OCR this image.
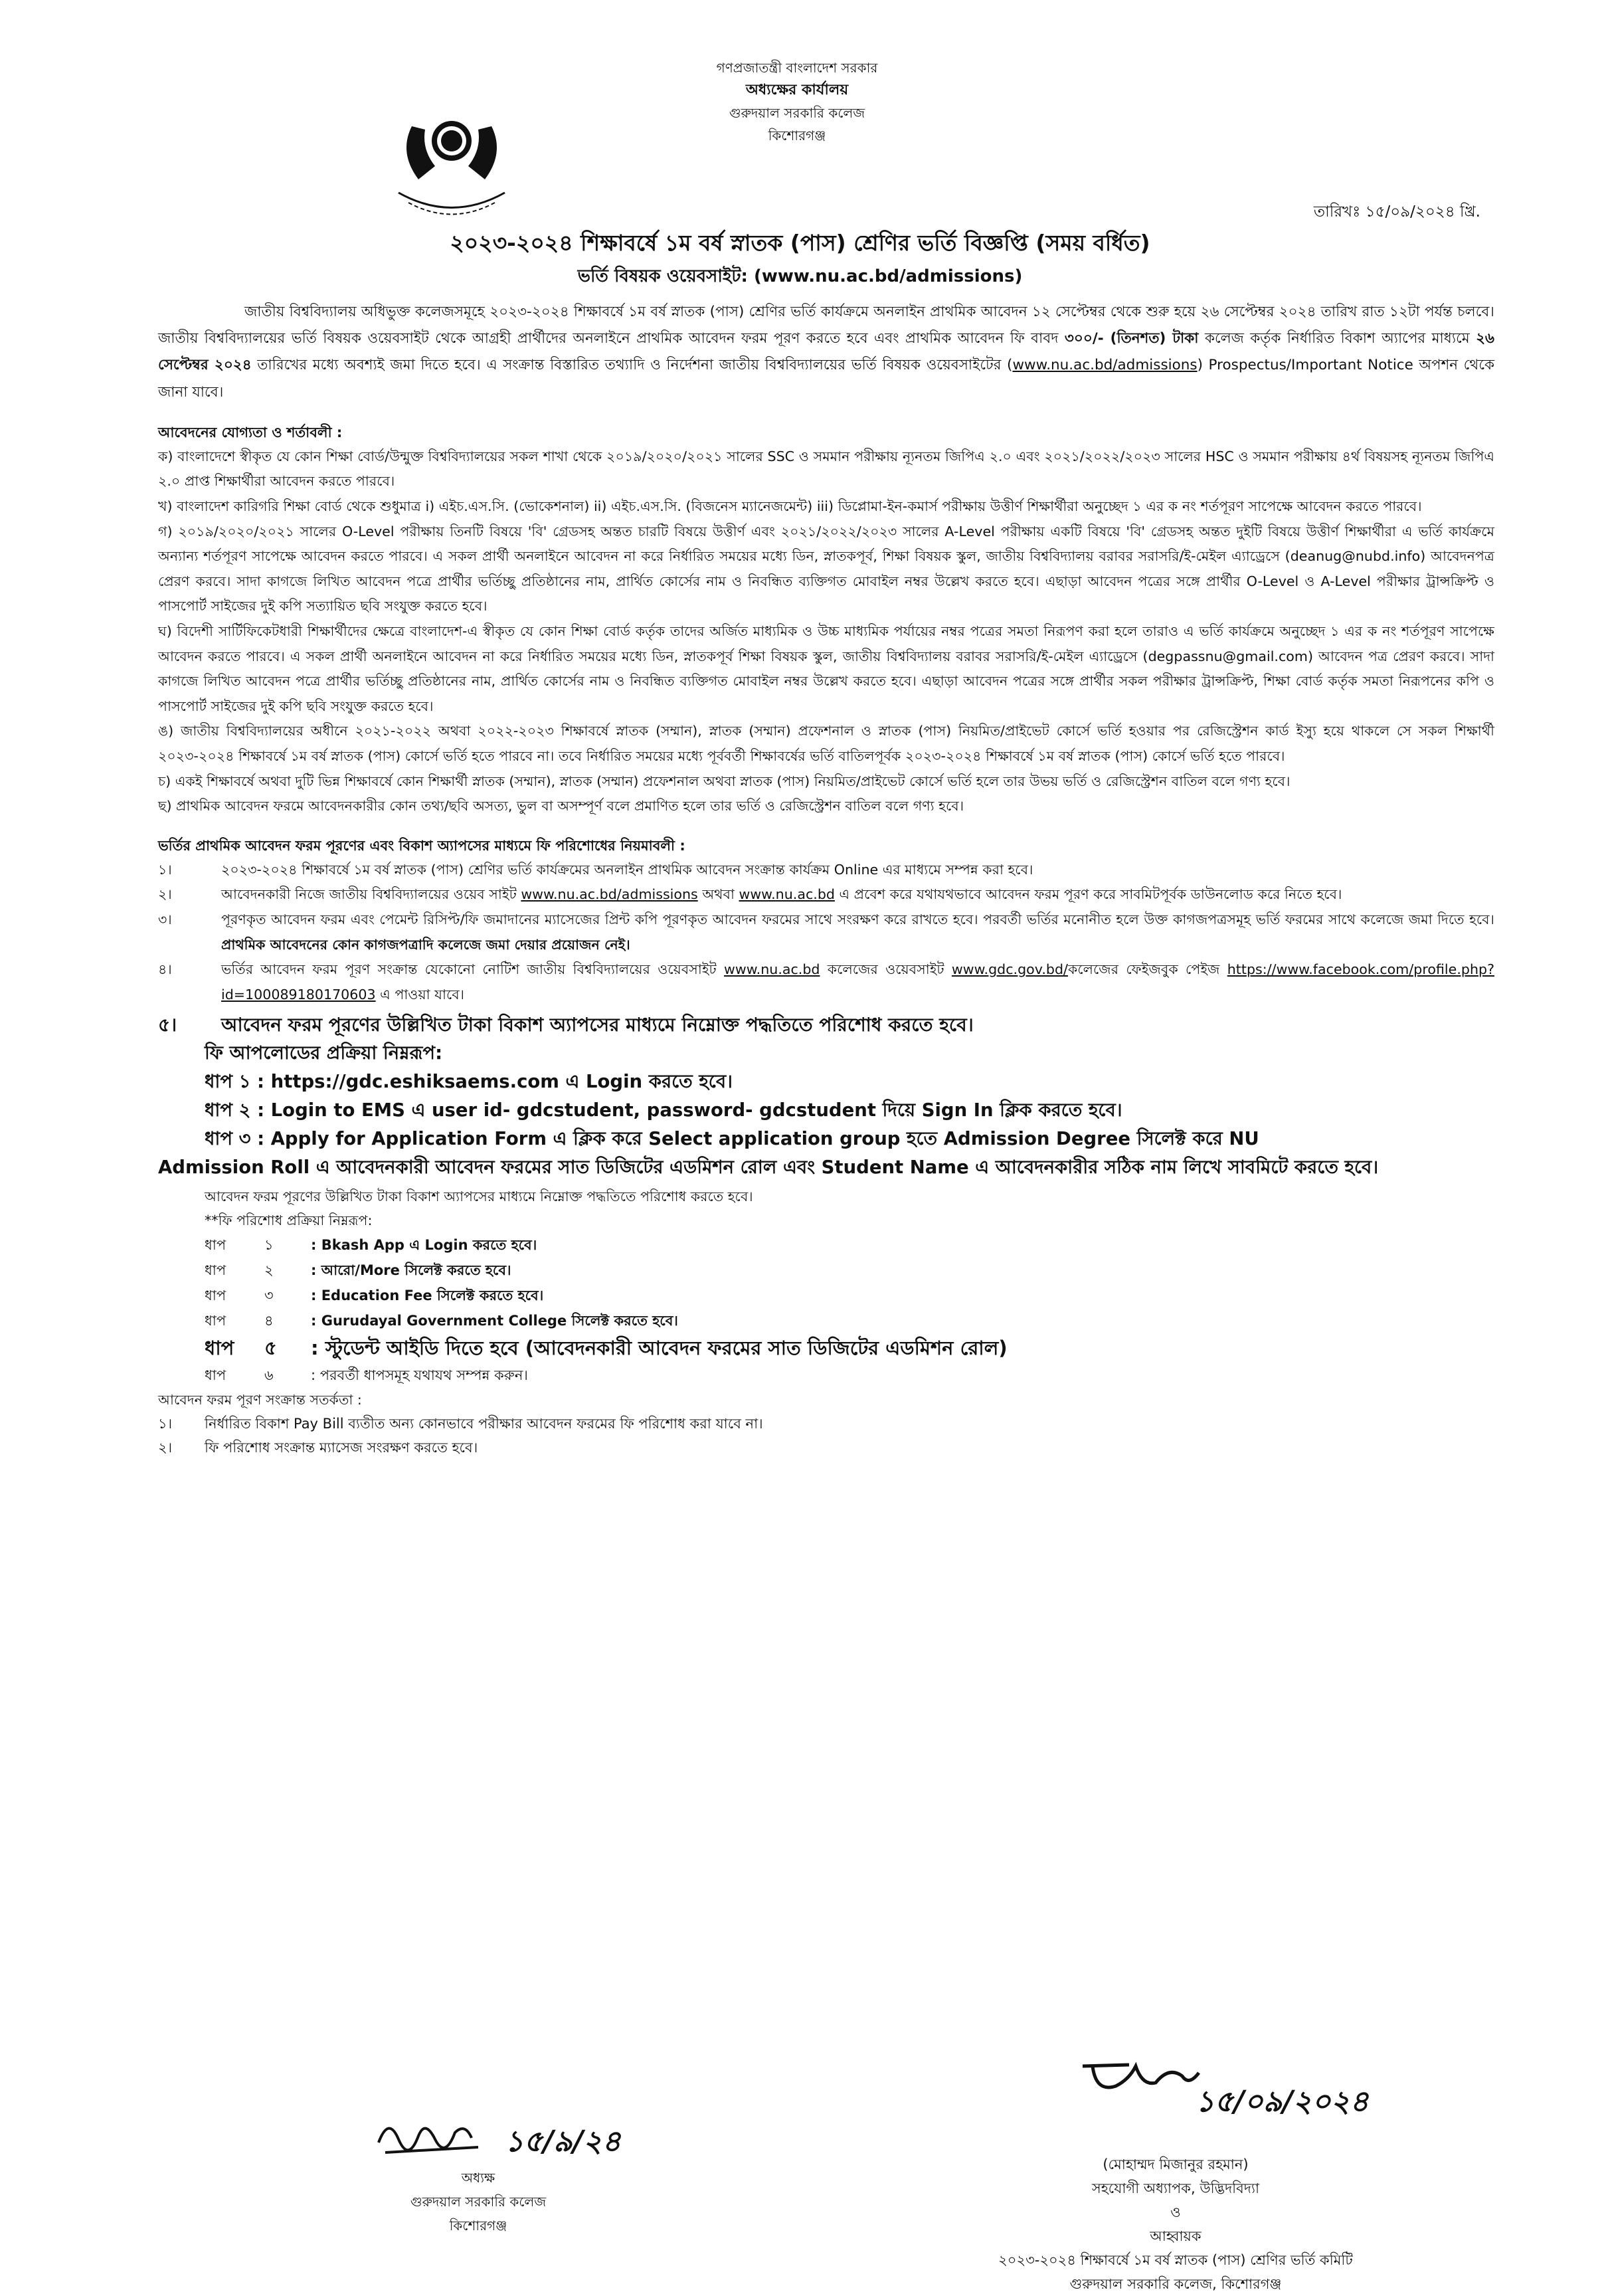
গণপ্রজাতন্ত্রী বাংলাদেশ সরকার
অধ্যক্ষের কার্যালয়
গুরুদয়াল সরকারি কলেজ
কিশোরগঞ্জ
তারিখঃ ১৫/০৯/২০২৪ খ্রি.
২০২৩-২০২৪ শিক্ষাবর্ষে ১ম বর্ষ স্নাতক (পাস) শ্রেণির ভর্তি বিজ্ঞপ্তি (সময় বর্ধিত)
ভর্তি বিষয়ক ওয়েবসাইট: (www.nu.ac.bd/admissions)

জাতীয় বিশ্ববিদ্যালয় অধিভুক্ত কলেজসমূহে ২০২৩-২০২৪ শিক্ষাবর্ষে ১ম বর্ষ স্নাতক (পাস) শ্রেণির ভর্তি কার্যক্রমে অনলাইন প্রাথমিক আবেদন ১২ সেপ্টেম্বর থেকে শুরু হয়ে ২৬ সেপ্টেম্বর ২০২৪ তারিখ রাত ১২টা পর্যন্ত চলবে। জাতীয় বিশ্ববিদ্যালয়ের ভর্তি বিষয়ক ওয়েবসাইট থেকে আগ্রহী প্রার্থীদের অনলাইনে প্রাথমিক আবেদন ফরম পূরণ করতে হবে এবং প্রাথমিক আবেদন ফি বাবদ ৩০০/- (তিনশত) টাকা কলেজ কর্তৃক নির্ধারিত বিকাশ অ্যাপের মাধ্যমে ২৬ সেপ্টেম্বর ২০২৪ তারিখের মধ্যে অবশ্যই জমা দিতে হবে। এ সংক্রান্ত বিস্তারিত তথ্যাদি ও নির্দেশনা জাতীয় বিশ্ববিদ্যালয়ের ভর্তি বিষয়ক ওয়েবসাইটের (www.nu.ac.bd/admissions) Prospectus/Important Notice অপশন থেকে জানা যাবে।

আবেদনের যোগ্যতা ও শর্তাবলী :

ক) বাংলাদেশে স্বীকৃত যে কোন শিক্ষা বোর্ড/উন্মুক্ত বিশ্ববিদ্যালয়ের সকল শাখা থেকে ২০১৯/২০২০/২০২১ সালের SSC ও সমমান পরীক্ষায় ন্যূনতম জিপিএ ২.০ এবং ২০২১/২০২২/২০২৩ সালের HSC ও সমমান পরীক্ষায় ৪র্থ বিষয়সহ ন্যূনতম জিপিএ ২.০ প্রাপ্ত শিক্ষার্থীরা আবেদন করতে পারবে।

খ) বাংলাদেশ কারিগরি শিক্ষা বোর্ড থেকে শুধুমাত্র i) এইচ.এস.সি. (ভোকেশনাল) ii) এইচ.এস.সি. (বিজনেস ম্যানেজমেন্ট) iii) ডিপ্লোমা-ইন-কমার্স পরীক্ষায় উত্তীর্ণ শিক্ষার্থীরা অনুচ্ছেদ ১ এর ক নং শর্তপূরণ সাপেক্ষে আবেদন করতে পারবে।

গ) ২০১৯/২০২০/২০২১ সালের O-Level পরীক্ষায় তিনটি বিষয়ে 'বি' গ্রেডসহ অন্তত চারটি বিষয়ে উত্তীর্ণ এবং ২০২১/২০২২/২০২৩ সালের A-Level পরীক্ষায় একটি বিষয়ে 'বি' গ্রেডসহ অন্তত দুইটি বিষয়ে উত্তীর্ণ শিক্ষার্থীরা এ ভর্তি কার্যক্রমে অন্যান্য শর্তপূরণ সাপেক্ষে আবেদন করতে পারবে। এ সকল প্রার্থী অনলাইনে আবেদন না করে নির্ধারিত সময়ের মধ্যে ডিন, স্নাতকপূর্ব, শিক্ষা বিষয়ক স্কুল, জাতীয় বিশ্ববিদ্যালয় বরাবর সরাসরি/ই-মেইল এ্যাড্রেসে (deanug@nubd.info) আবেদনপত্র প্রেরণ করবে। সাদা কাগজে লিখিত আবেদন পত্রে প্রার্থীর ভর্তিচ্ছু প্রতিষ্ঠানের নাম, প্রার্থিত কোর্সের নাম ও নিবন্ধিত ব্যক্তিগত মোবাইল নম্বর উল্লেখ করতে হবে। এছাড়া আবেদন পত্রের সঙ্গে প্রার্থীর O-Level ও A-Level পরীক্ষার ট্রান্সক্রিপ্ট ও পাসপোর্ট সাইজের দুই কপি সত্যায়িত ছবি সংযুক্ত করতে হবে।

ঘ) বিদেশী সার্টিফিকেটধারী শিক্ষার্থীদের ক্ষেত্রে বাংলাদেশ-এ স্বীকৃত যে কোন শিক্ষা বোর্ড কর্তৃক তাদের অর্জিত মাধ্যমিক ও উচ্চ মাধ্যমিক পর্যায়ের নম্বর পত্রের সমতা নিরূপণ করা হলে তারাও এ ভর্তি কার্যক্রমে অনুচ্ছেদ ১ এর ক নং শর্তপূরণ সাপেক্ষে আবেদন করতে পারবে। এ সকল প্রার্থী অনলাইনে আবেদন না করে নির্ধারিত সময়ের মধ্যে ডিন, স্নাতকপূর্ব শিক্ষা বিষয়ক স্কুল, জাতীয় বিশ্ববিদ্যালয় বরাবর সরাসরি/ই-মেইল এ্যাড্রেসে (degpassnu@gmail.com) আবেদন পত্র প্রেরণ করবে। সাদা কাগজে লিখিত আবেদন পত্রে প্রার্থীর ভর্তিচ্ছু প্রতিষ্ঠানের নাম, প্রার্থিত কোর্সের নাম ও নিবন্ধিত ব্যক্তিগত মোবাইল নম্বর উল্লেখ করতে হবে। এছাড়া আবেদন পত্রের সঙ্গে প্রার্থীর সকল পরীক্ষার ট্রান্সক্রিপ্ট, শিক্ষা বোর্ড কর্তৃক সমতা নিরূপনের কপি ও পাসপোর্ট সাইজের দুই কপি ছবি সংযুক্ত করতে হবে।

ঙ) জাতীয় বিশ্ববিদ্যালয়ের অধীনে ২০২১-২০২২ অথবা ২০২২-২০২৩ শিক্ষাবর্ষে স্নাতক (সম্মান), স্নাতক (সম্মান) প্রফেশনাল ও স্নাতক (পাস) নিয়মিত/প্রাইভেট কোর্সে ভর্তি হওয়ার পর রেজিস্ট্রেশন কার্ড ইস্যু হয়ে থাকলে সে সকল শিক্ষার্থী ২০২৩-২০২৪ শিক্ষাবর্ষে ১ম বর্ষ স্নাতক (পাস) কোর্সে ভর্তি হতে পারবে না। তবে নির্ধারিত সময়ের মধ্যে পূর্ববর্তী শিক্ষাবর্ষের ভর্তি বাতিলপূর্বক ২০২৩-২০২৪ শিক্ষাবর্ষে ১ম বর্ষ স্নাতক (পাস) কোর্সে ভর্তি হতে পারবে।

চ) একই শিক্ষাবর্ষে অথবা দুটি ভিন্ন শিক্ষাবর্ষে কোন শিক্ষার্থী স্নাতক (সম্মান), স্নাতক (সম্মান) প্রফেশনাল অথবা স্নাতক (পাস) নিয়মিত/প্রাইভেট কোর্সে ভর্তি হলে তার উভয় ভর্তি ও রেজিস্ট্রেশন বাতিল বলে গণ্য হবে।

ছ) প্রাথমিক আবেদন ফরমে আবেদনকারীর কোন তথ্য/ছবি অসত্য, ভুল বা অসম্পূর্ণ বলে প্রমাণিত হলে তার ভর্তি ও রেজিস্ট্রেশন বাতিল বলে গণ্য হবে।

ভর্তির প্রাথমিক আবেদন ফরম পূরণের এবং বিকাশ অ্যাপসের মাধ্যমে ফি পরিশোধের নিয়মাবলী :
১।	২০২৩-২০২৪ শিক্ষাবর্ষে ১ম বর্ষ স্নাতক (পাস) শ্রেণির ভর্তি কার্যক্রমের অনলাইন প্রাথমিক আবেদন সংক্রান্ত কার্যক্রম Online এর মাধ্যমে সম্পন্ন করা হবে।
২।	আবেদনকারী নিজে জাতীয় বিশ্ববিদ্যালয়ের ওয়েব সাইট www.nu.ac.bd/admissions অথবা www.nu.ac.bd এ প্রবেশ করে যথাযথভাবে আবেদন ফরম পূরণ করে সাবমিটপূর্বক ডাউনলোড করে নিতে হবে।
৩।	পূরণকৃত আবেদন ফরম এবং পেমেন্ট রিসিপ্ট/ফি জমাদানের ম্যাসেজের প্রিন্ট কপি পূরণকৃত আবেদন ফরমের সাথে সংরক্ষণ করে রাখতে হবে। পরবর্তী ভর্তির মনোনীত হলে উক্ত কাগজপত্রসমূহ ভর্তি ফরমের সাথে কলেজে জমা দিতে হবে। প্রাথমিক আবেদনের কোন কাগজপত্রাদি কলেজে জমা দেয়ার প্রয়োজন নেই।
৪।	ভর্তির আবেদন ফরম পূরণ সংক্রান্ত যেকোনো নোটিশ জাতীয় বিশ্ববিদ্যালয়ের ওয়েবসাইট www.nu.ac.bd কলেজের ওয়েবসাইট www.gdc.gov.bd/কলেজের ফেইজবুক পেইজ https://www.facebook.com/profile.php?id=100089180170603 এ পাওয়া যাবে।
৫।	আবেদন ফরম পূরণের উল্লিখিত টাকা বিকাশ অ্যাপসের মাধ্যমে নিম্নোক্ত পদ্ধতিতে পরিশোধ করতে হবে।
ফি আপলোডের প্রক্রিয়া নিম্নরূপ:
ধাপ ১ : https://gdc.eshiksaems.com এ Login করতে হবে।
ধাপ ২ : Login to EMS এ user id- gdcstudent, password- gdcstudent দিয়ে Sign In ক্লিক করতে হবে।
ধাপ ৩ : Apply for Application Form এ ক্লিক করে Select application group হতে Admission Degree সিলেক্ট করে NU
Admission Roll এ আবেদনকারী আবেদন ফরমের সাত ডিজিটের এডমিশন রোল এবং Student Name এ আবেদনকারীর সঠিক নাম লিখে সাবমিটে করতে হবে।
আবেদন ফরম পূরণের উল্লিখিত টাকা বিকাশ অ্যাপসের মাধ্যমে নিম্নোক্ত পদ্ধতিতে পরিশোধ করতে হবে।
**ফি পরিশোধ প্রক্রিয়া নিম্নরূপ:
ধাপ	১	: Bkash App এ Login করতে হবে।
ধাপ	২	: আরো/More সিলেক্ট করতে হবে।
ধাপ	৩	: Education Fee সিলেক্ট করতে হবে।
ধাপ	৪	: Gurudayal Government College সিলেক্ট করতে হবে।
ধাপ	৫	: স্টুডেন্ট আইডি দিতে হবে (আবেদনকারী আবেদন ফরমের সাত ডিজিটের এডমিশন রোল)
ধাপ	৬	: পরবর্তী ধাপসমূহ যথাযথ সম্পন্ন করুন।
আবেদন ফরম পূরণ সংক্রান্ত সতর্কতা :
১।	নির্ধারিত বিকাশ Pay Bill ব্যতীত অন্য কোনভাবে পরীক্ষার আবেদন ফরমের ফি পরিশোধ করা যাবে না।
২।	ফি পরিশোধ সংক্রান্ত ম্যাসেজ সংরক্ষণ করতে হবে।
১৫/৯/২৪
অধ্যক্ষ
গুরুদয়াল সরকারি কলেজ
কিশোরগঞ্জ
১৫/০৯/২০২৪
(মোহাম্মদ মিজানুর রহমান)
সহযোগী অধ্যাপক, উদ্ভিদবিদ্যা
ও
আহ্বায়ক
২০২৩-২০২৪ শিক্ষাবর্ষে ১ম বর্ষ স্নাতক (পাস) শ্রেণির ভর্তি কমিটি
গুরুদয়াল সরকারি কলেজ, কিশোরগঞ্জ
